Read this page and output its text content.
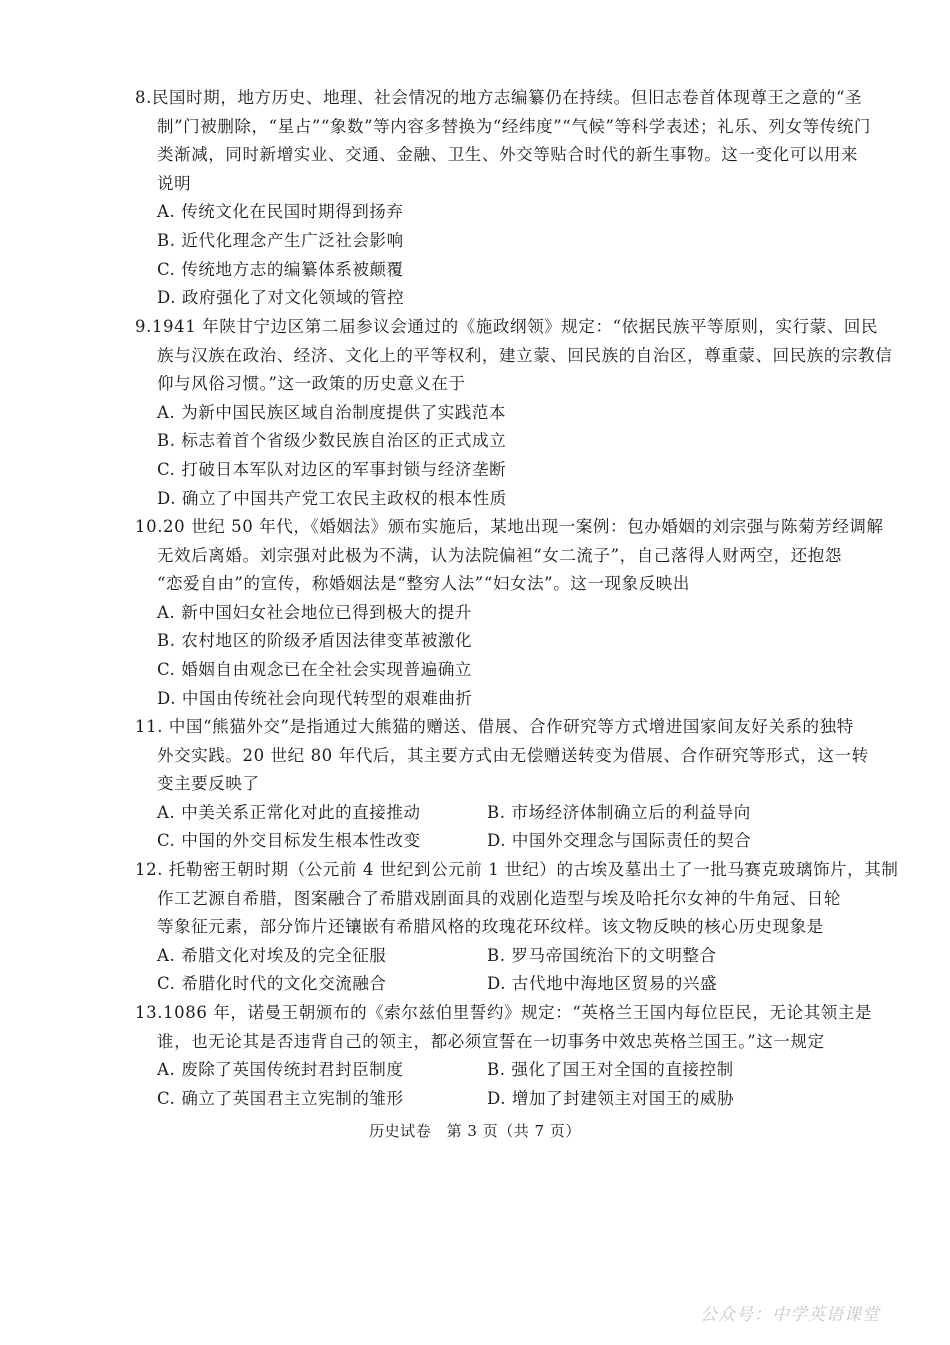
8.民国时期，地方历史、地理、社会情况的地方志编纂仍在持续。但旧志卷首体现尊王之意的“圣
制”门被删除，“星占”“象数”等内容多替换为“经纬度”“气候”等科学表述；礼乐、列女等传统门
类渐减，同时新增实业、交通、金融、卫生、外交等贴合时代的新生事物。这一变化可以用来
说明
A. 传统文化在民国时期得到扬弃
B. 近代化理念产生广泛社会影响
C. 传统地方志的编纂体系被颠覆
D. 政府强化了对文化领域的管控
9.1941 年陕甘宁边区第二届参议会通过的《施政纲领》规定：“依据民族平等原则，实行蒙、回民
族与汉族在政治、经济、文化上的平等权利，建立蒙、回民族的自治区，尊重蒙、回民族的宗教信
仰与风俗习惯。”这一政策的历史意义在于
A. 为新中国民族区域自治制度提供了实践范本
B. 标志着首个省级少数民族自治区的正式成立
C. 打破日本军队对边区的军事封锁与经济垄断
D. 确立了中国共产党工农民主政权的根本性质
10.20 世纪 50 年代，《婚姻法》颁布实施后，某地出现一案例：包办婚姻的刘宗强与陈菊芳经调解
无效后离婚。刘宗强对此极为不满，认为法院偏袒“女二流子”，自己落得人财两空，还抱怨
“恋爱自由”的宣传，称婚姻法是“整穷人法”“妇女法”。这一现象反映出
A. 新中国妇女社会地位已得到极大的提升
B. 农村地区的阶级矛盾因法律变革被激化
C. 婚姻自由观念已在全社会实现普遍确立
D. 中国由传统社会向现代转型的艰难曲折
11. 中国“熊猫外交”是指通过大熊猫的赠送、借展、合作研究等方式增进国家间友好关系的独特
外交实践。20 世纪 80 年代后，其主要方式由无偿赠送转变为借展、合作研究等形式，这一转
变主要反映了
A. 中美关系正常化对此的直接推动	B. 市场经济体制确立后的利益导向
C. 中国的外交目标发生根本性改变	D. 中国外交理念与国际责任的契合
12. 托勒密王朝时期（公元前 4 世纪到公元前 1 世纪）的古埃及墓出土了一批马赛克玻璃饰片，其制
作工艺源自希腊，图案融合了希腊戏剧面具的戏剧化造型与埃及哈托尔女神的牛角冠、日轮
等象征元素，部分饰片还镶嵌有希腊风格的玫瑰花环纹样。该文物反映的核心历史现象是
A. 希腊文化对埃及的完全征服	B. 罗马帝国统治下的文明整合
C. 希腊化时代的文化交流融合	D. 古代地中海地区贸易的兴盛
13.1086 年，诺曼王朝颁布的《索尔兹伯里誓约》规定：“英格兰王国内每位臣民，无论其领主是
谁，也无论其是否违背自己的领主，都必须宣誓在一切事务中效忠英格兰国王。”这一规定
A. 废除了英国传统封君封臣制度	B. 强化了国王对全国的直接控制
C. 确立了英国君主立宪制的雏形	D. 增加了封建领主对国王的威胁
历史试卷　第 3 页（共 7 页）
公众号：中学英语课堂
